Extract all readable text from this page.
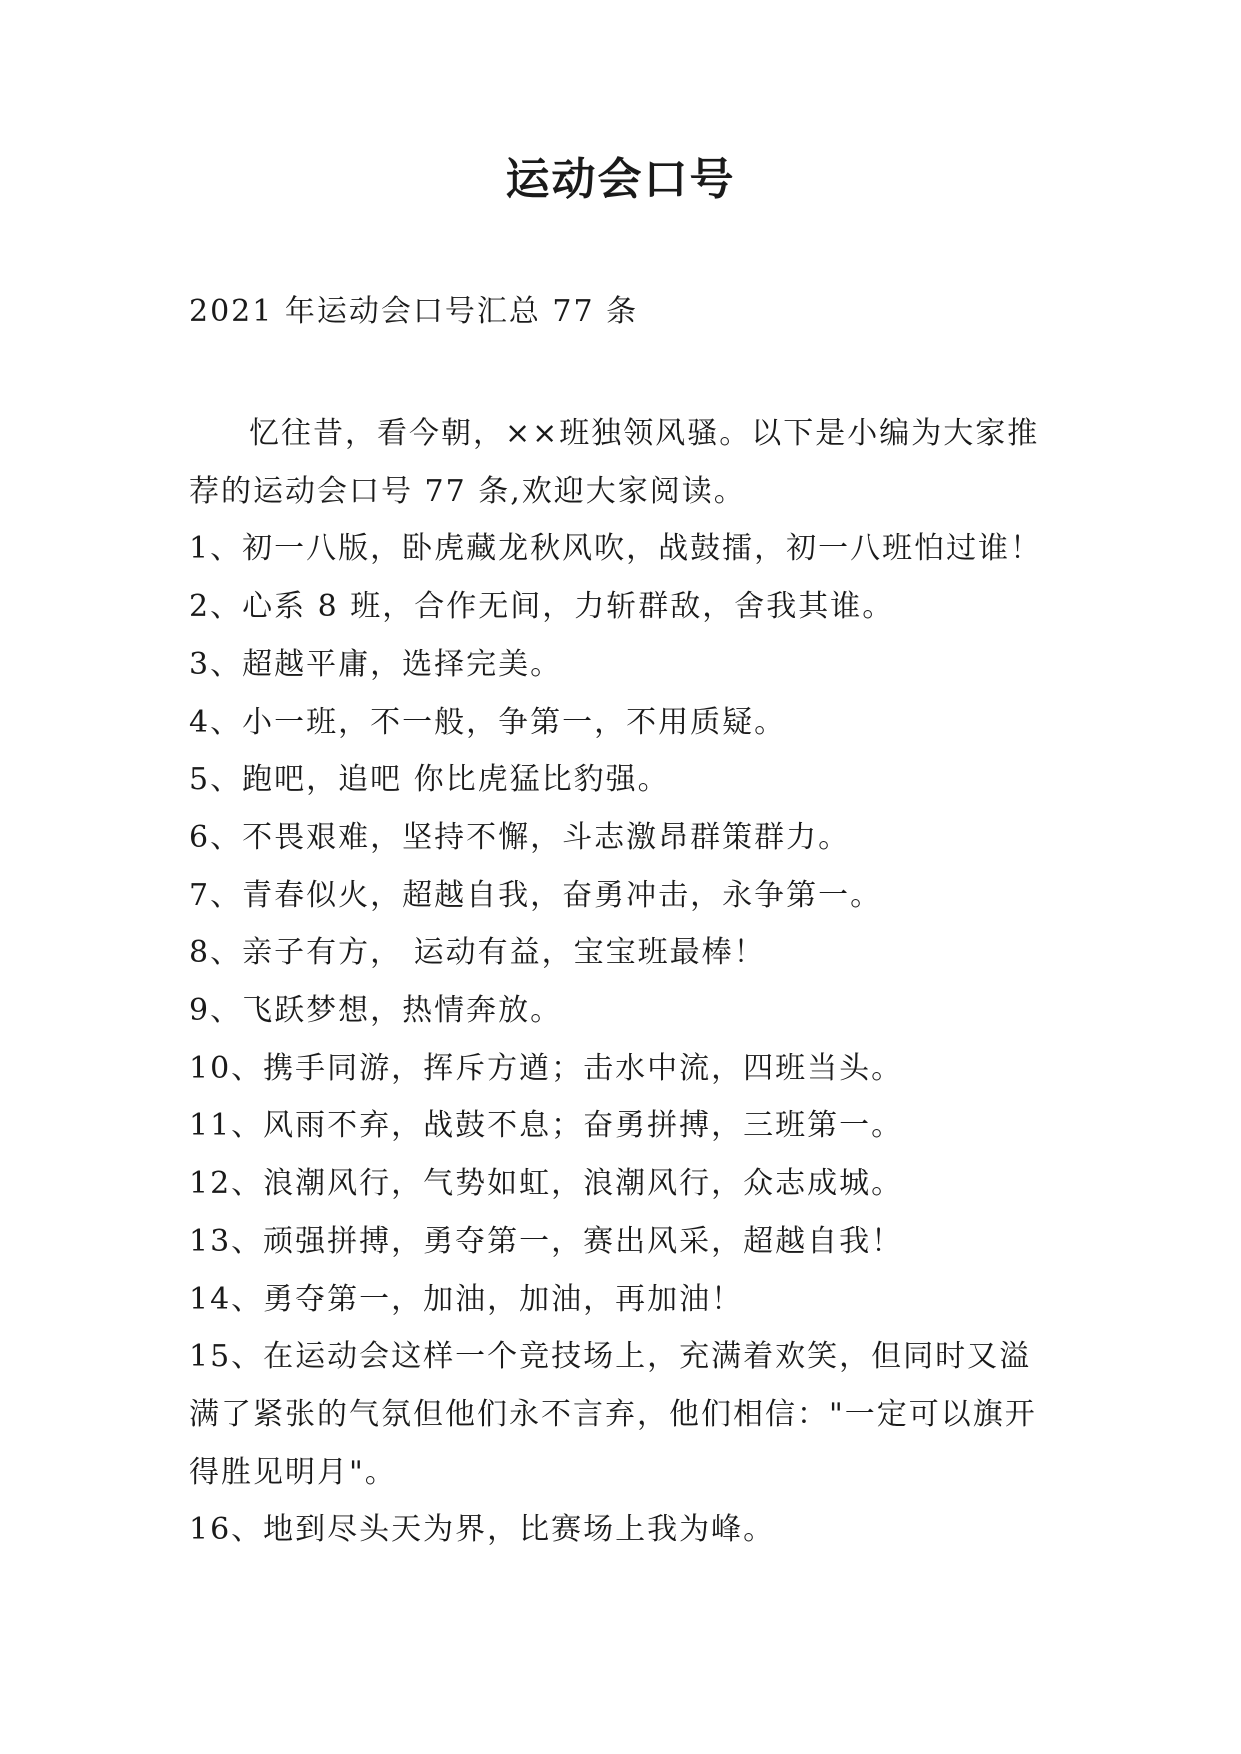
运动会口号
2021 年运动会口号汇总 77 条

忆往昔，看今朝，××班独领风骚。以下是小编为大家推荐的运动会口号 77 条,欢迎大家阅读。

1、初一八版，卧虎藏龙秋风吹，战鼓擂，初一八班怕过谁！

2、心系 8 班，合作无间，力斩群敌，舍我其谁。

3、超越平庸，选择完美。

4、小一班，不一般，争第一，不用质疑。

5、跑吧，追吧 你比虎猛比豹强。

6、不畏艰难，坚持不懈，斗志激昂群策群力。

7、青春似火，超越自我，奋勇冲击，永争第一。

8、亲子有方， 运动有益，宝宝班最棒！

9、飞跃梦想，热情奔放。

10、携手同游，挥斥方遒；击水中流，四班当头。

11、风雨不弃，战鼓不息；奋勇拼搏，三班第一。

12、浪潮风行，气势如虹，浪潮风行，众志成城。

13、顽强拼搏，勇夺第一，赛出风采，超越自我！

14、勇夺第一，加油，加油，再加油！

15、在运动会这样一个竞技场上，充满着欢笑，但同时又溢满了紧张的气氛但他们永不言弃，他们相信："一定可以旗开得胜见明月"。

16、地到尽头天为界，比赛场上我为峰。
